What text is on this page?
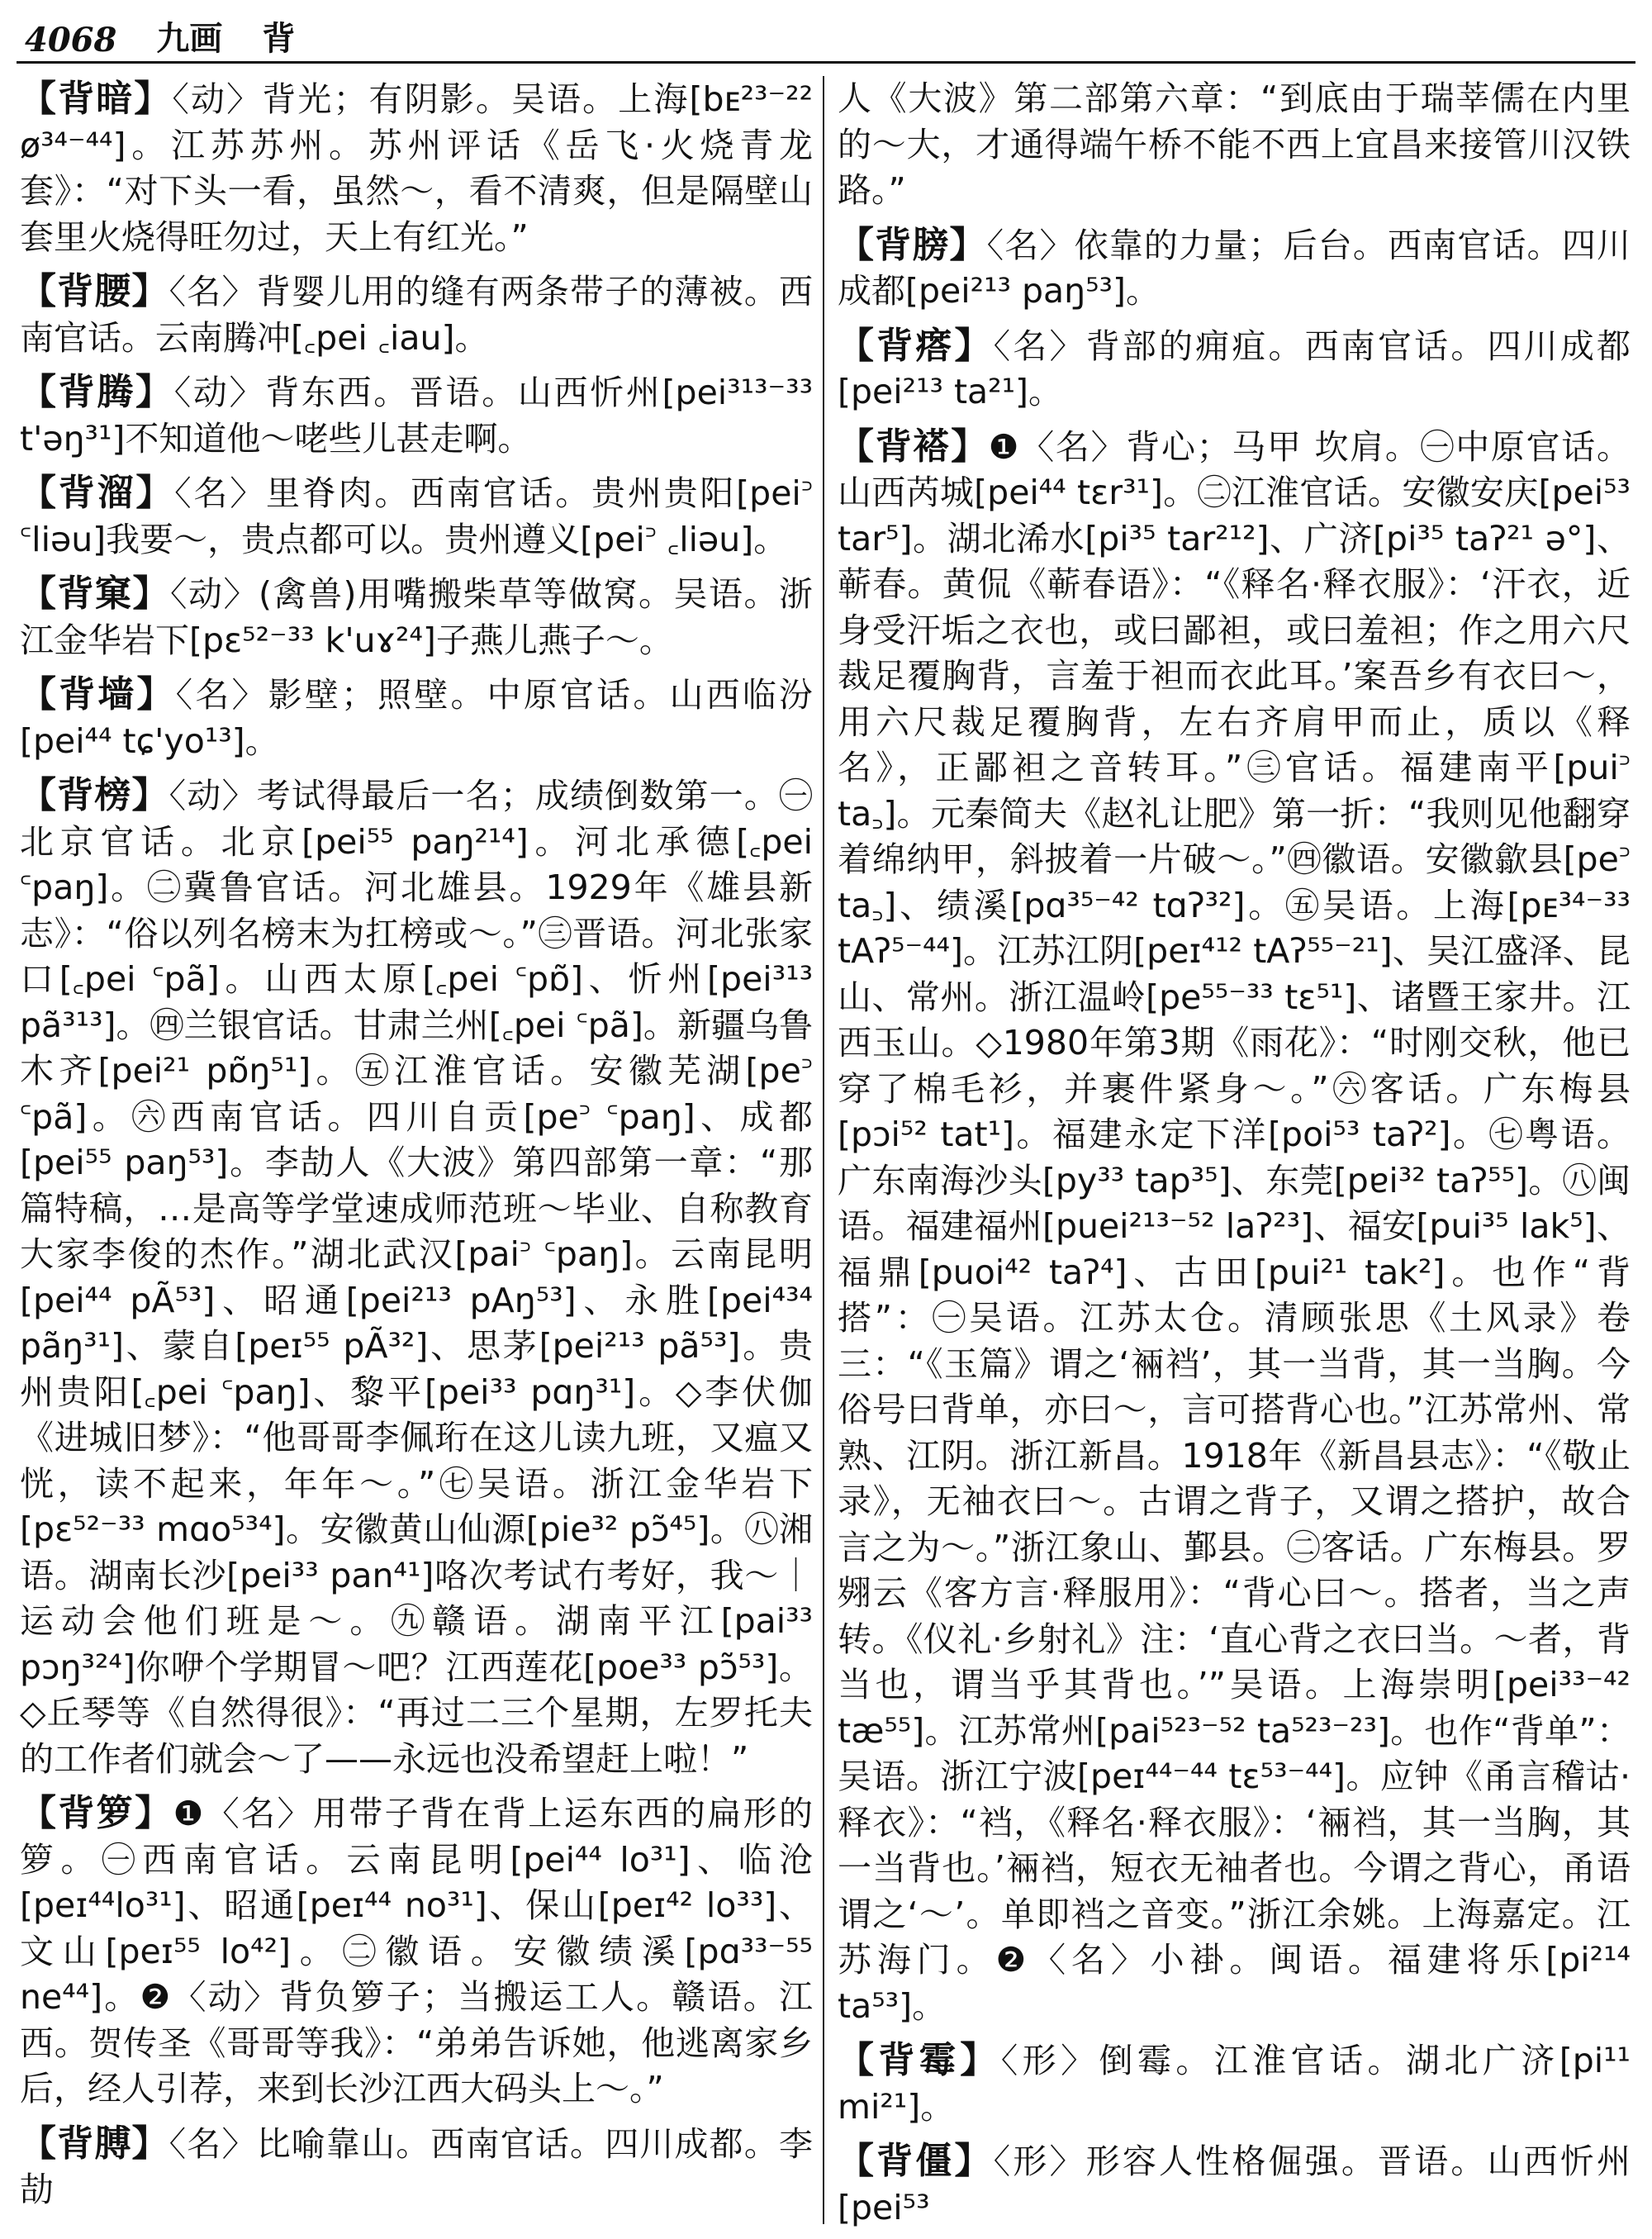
4068 九画 背

【背暗】〈动〉背光；有阴影。吴语。上海[bᴇ²³⁻²² ø³⁴⁻⁴⁴]。江苏苏州。苏州评话《岳飞·火烧青龙套》：“对下头一看，虽然～，看不清爽，但是隔壁山套里火烧得旺勿过，天上有红光。”

【背腰】〈名〉背婴儿用的缝有两条带子的薄被。西南官话。云南腾冲[꜀pei ꜀iau]。

【背腾】〈动〉背东西。晋语。山西忻州[pei³¹³⁻³³ t'əŋ³¹]不知道他～咾些儿甚走啊。

【背溜】〈名〉里脊肉。西南官话。贵州贵阳[pei꜄ ꜂liəu]我要～，贵点都可以。贵州遵义[pei꜄ ꜀liəu]。

【背窠】〈动〉(禽兽)用嘴搬柴草等做窝。吴语。浙江金华岩下[pɛ⁵²⁻³³ k'uɤ²⁴]子燕儿燕子～。

【背墙】〈名〉影壁；照壁。中原官话。山西临汾[pei⁴⁴ tɕ'yo¹³]。

【背榜】〈动〉考试得最后一名；成绩倒数第一。㊀北京官话。北京[pei⁵⁵ paŋ²¹⁴]。河北承德[꜀pei ꜂paŋ]。㊁冀鲁官话。河北雄县。1929年《雄县新志》：“俗以列名榜末为扛榜或～。”㊂晋语。河北张家口[꜀pei ꜂pã]。山西太原[꜀pei ꜂pɒ̃]、忻州[pei³¹³ pã³¹³]。㊃兰银官话。甘肃兰州[꜀pei ꜂pã]。新疆乌鲁木齐[pei²¹ pɒ̃ŋ⁵¹]。㊄江淮官话。安徽芜湖[pe꜄ ꜂pã]。㊅西南官话。四川自贡[pe꜄ ꜂paŋ]、成都[pei⁵⁵ paŋ⁵³]。李劼人《大波》第四部第一章：“那篇特稿，…是高等学堂速成师范班～毕业、自称教育大家李俊的杰作。”湖北武汉[pai꜄ ꜂paŋ]。云南昆明[pei⁴⁴ pÃ⁵³]、昭通[pei²¹³ pAŋ⁵³]、永胜[pei⁴³⁴ pãŋ³¹]、蒙自[peɪ⁵⁵ pÃ³²]、思茅[pei²¹³ pã⁵³]。贵州贵阳[꜀pei ꜂paŋ]、黎平[pei³³ pɑŋ³¹]。◇李伏伽《进城旧梦》：“他哥哥李佩珩在这儿读九班，又瘟又恍，读不起来，年年～。”㊆吴语。浙江金华岩下[pɛ⁵²⁻³³ mɑo⁵³⁴]。安徽黄山仙源[pie³² pɔ̃⁴⁵]。㊇湘语。湖南长沙[pei³³ pan⁴¹]咯次考试冇考好，我～｜运动会他们班是～。㊈赣语。湖南平江[pai³³ pɔŋ³²⁴]你咿个学期冒～吧？江西莲花[poe³³ pɔ̃⁵³]。◇丘琴等《自然得很》：“再过二三个星期，左罗托夫的工作者们就会～了——永远也没希望赶上啦！”

【背箩】❶〈名〉用带子背在背上运东西的扁形的箩。㊀西南官话。云南昆明[pei⁴⁴ lo³¹]、临沧[peɪ⁴⁴lo³¹]、昭通[peɪ⁴⁴ no³¹]、保山[peɪ⁴² lo³³]、文山[peɪ⁵⁵ lo⁴²]。㊁徽语。安徽绩溪[pɑ³³⁻⁵⁵ ne⁴⁴]。❷〈动〉背负箩子；当搬运工人。赣语。江西。贺传圣《哥哥等我》：“弟弟告诉她，他逃离家乡后，经人引荐，来到长沙江西大码头上～。”

【背膊】〈名〉比喻靠山。西南官话。四川成都。李劼

人《大波》第二部第六章：“到底由于瑞莘儒在内里的～大，才通得端午桥不能不西上宜昌来接管川汉铁路。”

【背膀】〈名〉依靠的力量；后台。西南官话。四川成都[pei²¹³ paŋ⁵³]。

【背瘩】〈名〉背部的痈疽。西南官话。四川成都[pei²¹³ ta²¹]。

【背褡】❶〈名〉背心；马甲 坎肩。㊀中原官话。山西芮城[pei⁴⁴ tɛr³¹]。㊁江淮官话。安徽安庆[pei⁵³ tar⁵]。湖北浠水[pi³⁵ tar²¹²]、广济[pi³⁵ taʔ²¹ ə°]、蕲春。黄侃《蕲春语》：“《释名·释衣服》：‘汗衣，近身受汗垢之衣也，或曰鄙袒，或曰羞袒；作之用六尺裁足覆胸背，言羞于袒而衣此耳。’案吾乡有衣曰～，用六尺裁足覆胸背，左右齐肩甲而止，质以《释名》，正鄙袒之音转耳。”㊂官话。福建南平[pui꜄ ta꜆]。元秦简夫《赵礼让肥》第一折：“我则见他翻穿着绵纳甲，斜披着一片破～。”㊃徽语。安徽歙县[pe꜄ ta꜆]、绩溪[pɑ³⁵⁻⁴² tɑʔ³²]。㊄吴语。上海[pᴇ³⁴⁻³³ tAʔ⁵⁻⁴⁴]。江苏江阴[peɪ⁴¹² tAʔ⁵⁵⁻²¹]、吴江盛泽、昆山、常州。浙江温岭[pe⁵⁵⁻³³ tɛ⁵¹]、诸暨王家井。江西玉山。◇1980年第3期《雨花》：“时刚交秋，他已穿了棉毛衫，并裹件紧身～。”㊅客话。广东梅县[pɔi⁵² tat¹]。福建永定下洋[poi⁵³ taʔ²]。㊆粤语。广东南海沙头[py³³ tap³⁵]、东莞[pɐi³² taʔ⁵⁵]。㊇闽语。福建福州[puei²¹³⁻⁵² laʔ²³]、福安[pui³⁵ lak⁵]、福鼎[puoi⁴² taʔ⁴]、古田[pui²¹ tak²]。也作“背搭”：㊀吴语。江苏太仓。清顾张思《土风录》卷三：“《玉篇》谓之‘裲裆’，其一当背，其一当胸。今俗号曰背单，亦曰～，言可搭背心也。”江苏常州、常熟、江阴。浙江新昌。1918年《新昌县志》：“《敬止录》，无袖衣曰～。古谓之背子，又谓之搭护，故合言之为～。”浙江象山、鄞县。㊁客话。广东梅县。罗翙云《客方言·释服用》：“背心曰～。搭者，当之声转。《仪礼·乡射礼》注：‘直心背之衣曰当。～者，背当也，谓当乎其背也。’”吴语。上海崇明[pei³³⁻⁴² tæ⁵⁵]。江苏常州[pai⁵²³⁻⁵² ta⁵²³⁻²³]。也作“背单”：吴语。浙江宁波[peɪ⁴⁴⁻⁴⁴ tɛ⁵³⁻⁴⁴]。应钟《甬言稽诂·释衣》：“裆，《释名·释衣服》：‘裲裆，其一当胸，其一当背也。’裲裆，短衣无袖者也。今谓之背心，甬语谓之‘～’。单即裆之音变。”浙江余姚。上海嘉定。江苏海门。❷〈名〉小褂。闽语。福建将乐[pi²¹⁴ ta⁵³]。

【背霉】〈形〉倒霉。江淮官话。湖北广济[pi¹¹ mi²¹]。

【背僵】〈形〉形容人性格倔强。晋语。山西忻州[pei⁵³
